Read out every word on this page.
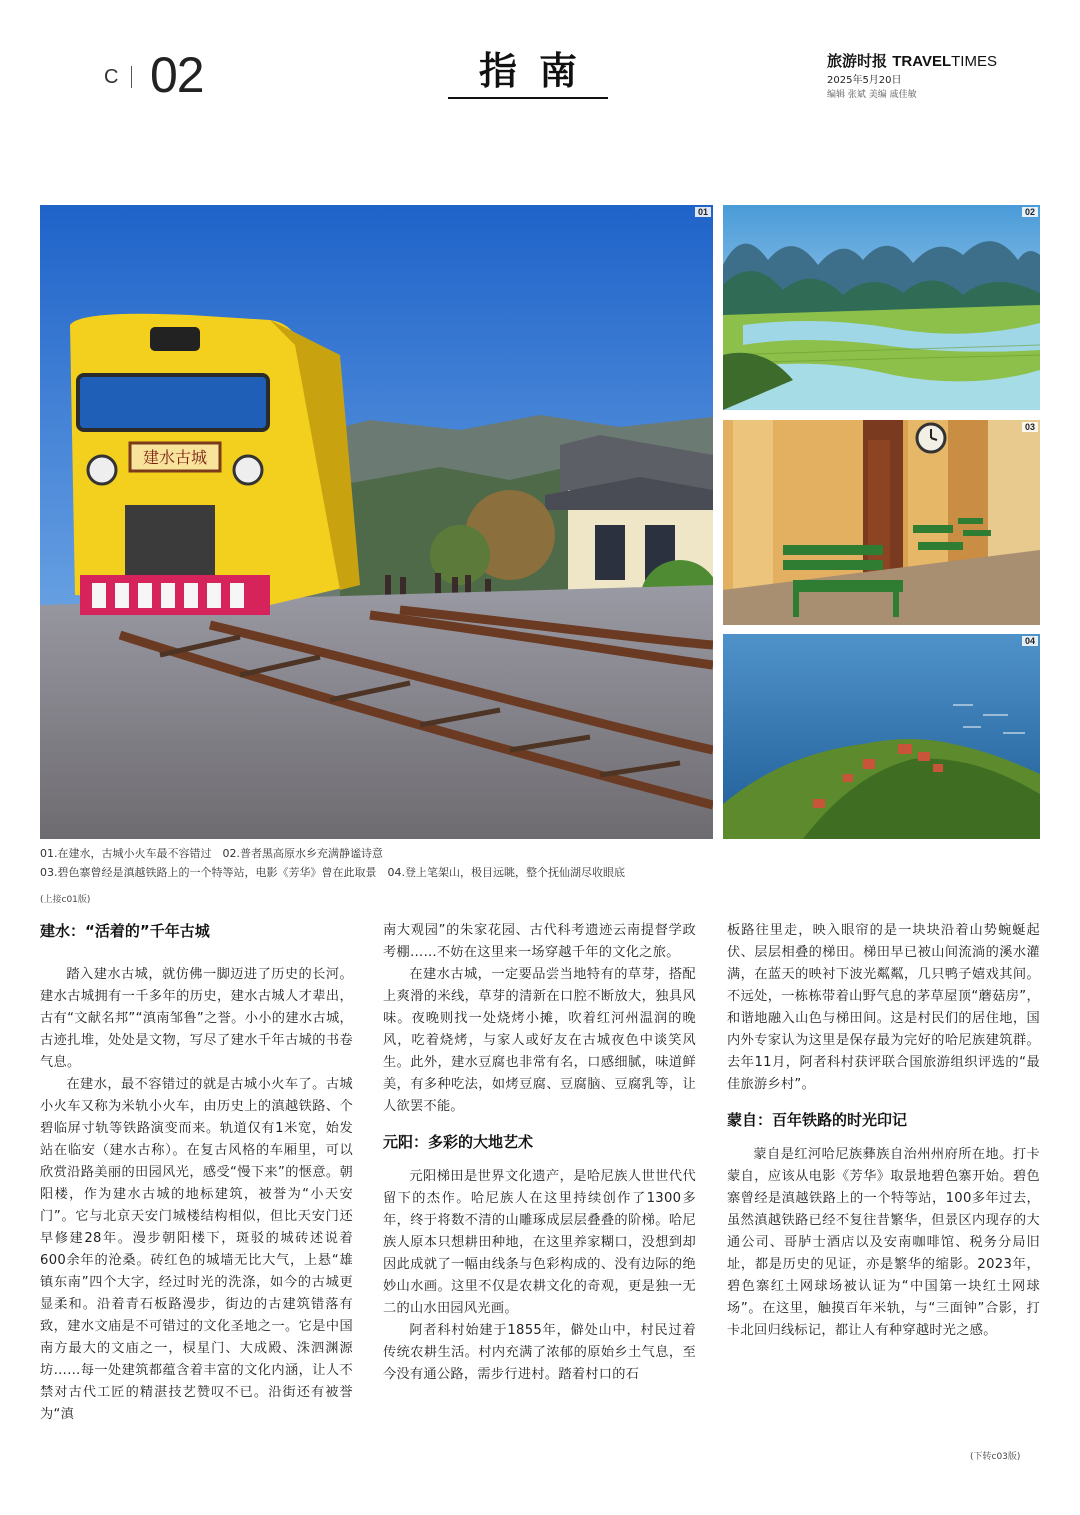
C 02	指南	旅游时报 TRAVELTIMES
2025年5月20日
编辑 张斌 美编 戚佳敏
建水古城
01	02
03
04
01.在建水，古城小火车最不容错过　02.普者黑高原水乡充满静谧诗意
03.碧色寨曾经是滇越铁路上的一个特等站，电影《芳华》曾在此取景　04.登上笔架山，极目远眺，整个抚仙湖尽收眼底
(上接c01版)
建水：“活着的”千年古城

踏入建水古城，就仿佛一脚迈进了历史的长河。建水古城拥有一千多年的历史，建水古城人才辈出，古有“文献名邦”“滇南邹鲁”之誉。小小的建水古城，古迹扎堆，处处是文物，写尽了建水千年古城的书卷气息。

在建水，最不容错过的就是古城小火车了。古城小火车又称为米轨小火车，由历史上的滇越铁路、个碧临屏寸轨等铁路演变而来。轨道仅有1米宽，始发站在临安（建水古称）。在复古风格的车厢里，可以欣赏沿路美丽的田园风光，感受“慢下来”的惬意。朝阳楼，作为建水古城的地标建筑，被誉为“小天安门”。它与北京天安门城楼结构相似，但比天安门还早修建28年。漫步朝阳楼下，斑驳的城砖述说着600余年的沧桑。砖红色的城墙无比大气，上悬“雄镇东南”四个大字，经过时光的洗涤，如今的古城更显柔和。沿着青石板路漫步，街边的古建筑错落有致，建水文庙是不可错过的文化圣地之一。它是中国南方最大的文庙之一，棂星门、大成殿、洙泗渊源坊……每一处建筑都蕴含着丰富的文化内涵，让人不禁对古代工匠的精湛技艺赞叹不已。沿街还有被誉为“滇

南大观园”的朱家花园、古代科考遗迹云南提督学政考棚……不妨在这里来一场穿越千年的文化之旅。

在建水古城，一定要品尝当地特有的草芽，搭配上爽滑的米线，草芽的清新在口腔不断放大，独具风味。夜晚则找一处烧烤小摊，吹着红河州温润的晚风，吃着烧烤，与家人或好友在古城夜色中谈笑风生。此外，建水豆腐也非常有名，口感细腻，味道鲜美，有多种吃法，如烤豆腐、豆腐脑、豆腐乳等，让人欲罢不能。

元阳：多彩的大地艺术

元阳梯田是世界文化遗产，是哈尼族人世世代代留下的杰作。哈尼族人在这里持续创作了1300多年，终于将数不清的山雕琢成层层叠叠的阶梯。哈尼族人原本只想耕田种地，在这里养家糊口，没想到却因此成就了一幅由线条与色彩构成的、没有边际的绝妙山水画。这里不仅是农耕文化的奇观，更是独一无二的山水田园风光画。

阿者科村始建于1855年，僻处山中，村民过着传统农耕生活。村内充满了浓郁的原始乡土气息，至今没有通公路，需步行进村。踏着村口的石

板路往里走，映入眼帘的是一块块沿着山势蜿蜒起伏、层层相叠的梯田。梯田早已被山间流淌的溪水灌满，在蓝天的映衬下波光粼粼，几只鸭子嬉戏其间。不远处，一栋栋带着山野气息的茅草屋顶“蘑菇房”，和谐地融入山色与梯田间。这是村民们的居住地，国内外专家认为这里是保存最为完好的哈尼族建筑群。去年11月，阿者科村获评联合国旅游组织评选的“最佳旅游乡村”。

蒙自：百年铁路的时光印记

蒙自是红河哈尼族彝族自治州州府所在地。打卡蒙自，应该从电影《芳华》取景地碧色寨开始。碧色寨曾经是滇越铁路上的一个特等站，100多年过去，虽然滇越铁路已经不复往昔繁华，但景区内现存的大通公司、哥胪士酒店以及安南咖啡馆、税务分局旧址，都是历史的见证，亦是繁华的缩影。2023年，碧色寨红土网球场被认证为“中国第一块红土网球场”。在这里，触摸百年米轨，与“三面钟”合影，打卡北回归线标记，都让人有种穿越时光之感。

(下转c03版)
